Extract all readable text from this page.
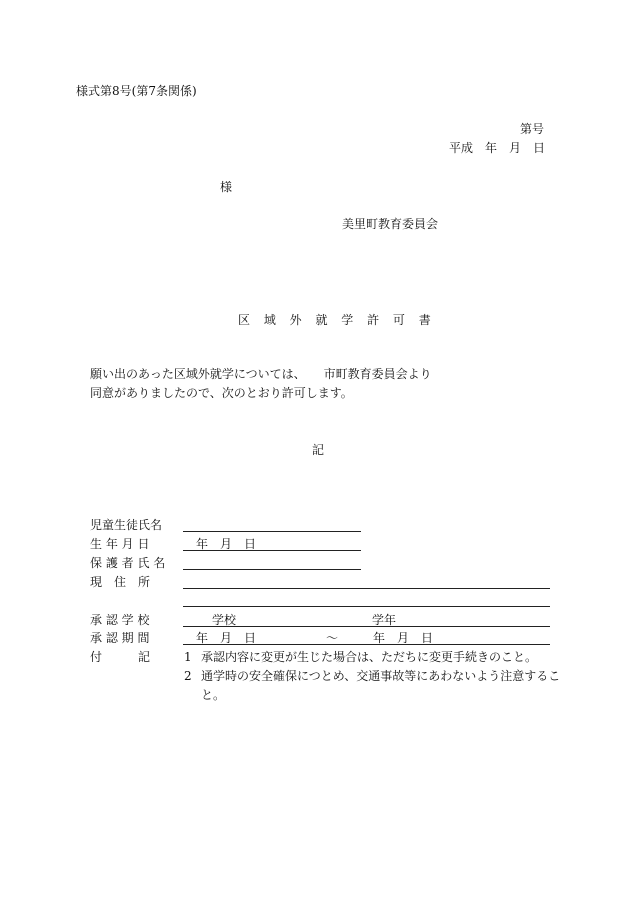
様式第8号(第7条関係)
第号
平成　年　月　日
様
美里町教育委員会
区 域 外 就 学 許 可 書
願い出のあった区域外就学については、　　市町教育委員会より
同意がありましたので、次のとおり許可します。
記
児童生徒氏名
生 年 月 日	年　月　日
保 護 者 氏 名
現　住　所
承 認 学 校	学校	学年
承 認 期 間	年　月　日	〜	年　月　日
付　　　記	1 承認内容に変更が生じた場合は、ただちに変更手続きのこと。
2 通学時の安全確保につとめ、交通事故等にあわないよう注意するこ
と。
